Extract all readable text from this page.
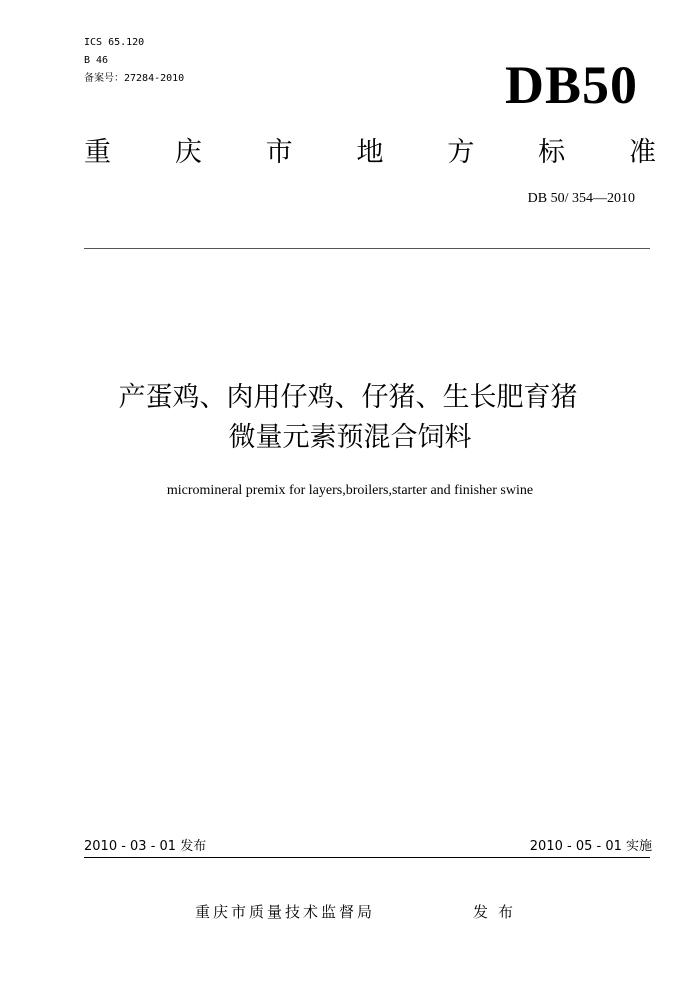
ICS 65.120
B 46
备案号：27284-2010	DB50
重 庆 市 地 方 标 准
DB 50/ 354—2010
产蛋鸡、肉用仔鸡、仔猪、生长肥育猪
微量元素预混合饲料
micromineral premix for layers,broilers,starter and finisher swine
2010 - 03 - 01 发布	2010 - 05 - 01 实施
重庆市质量技术监督局	发布
